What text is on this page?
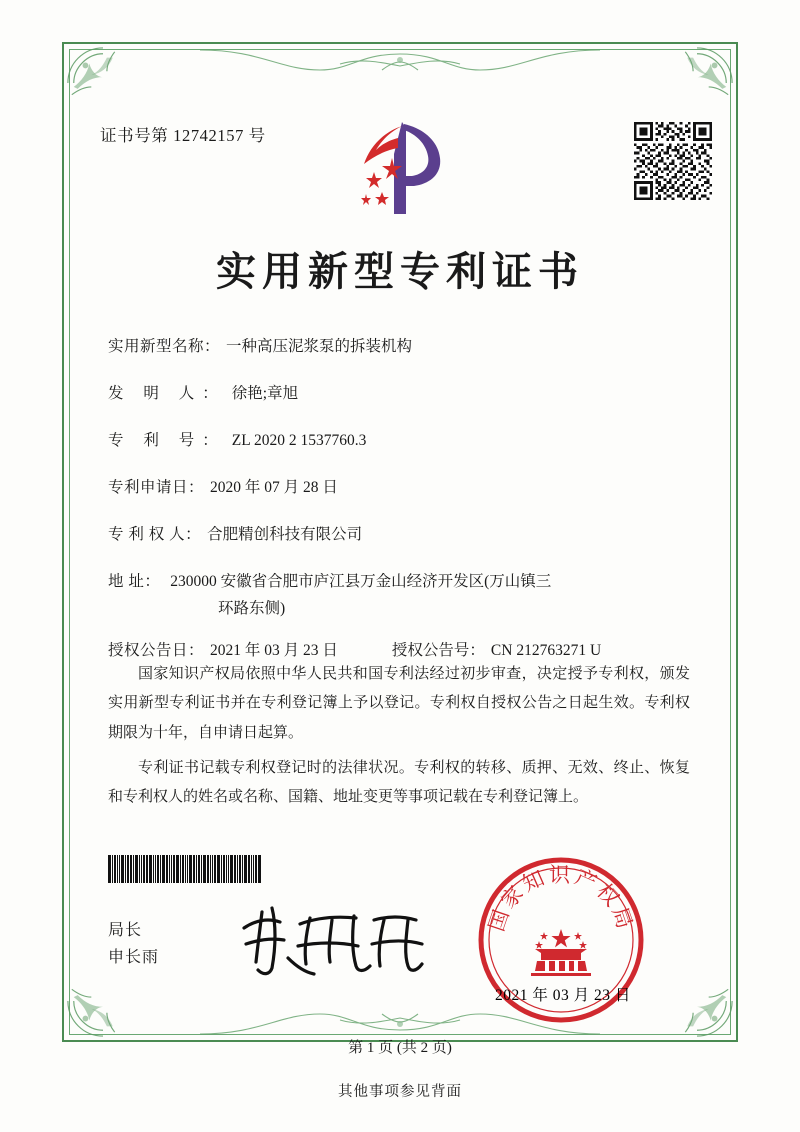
证书号第 12742157 号
实用新型专利证书
实用新型名称： 一种高压泥浆泵的拆装机构
发 明 人： 徐艳;章旭
专 利 号： ZL 2020 2 1537760.3
专利申请日： 2020 年 07 月 28 日
专 利 权 人： 合肥精创科技有限公司
地 址： 230000 安徽省合肥市庐江县万金山经济开发区(万山镇三
环路东侧)
授权公告日： 2021 年 03 月 23 日	授权公告号： CN 212763271 U

国家知识产权局依照中华人民共和国专利法经过初步审查，决定授予专利权，颁发实用新型专利证书并在专利登记簿上予以登记。专利权自授权公告之日起生效。专利权期限为十年，自申请日起算。

专利证书记载专利权登记时的法律状况。专利权的转移、质押、无效、终止、恢复和专利权人的姓名或名称、国籍、地址变更等事项记载在专利登记簿上。

局长
申长雨
国家知识产权局
2021 年 03 月 23 日
第 1 页 (共 2 页)
其他事项参见背面
